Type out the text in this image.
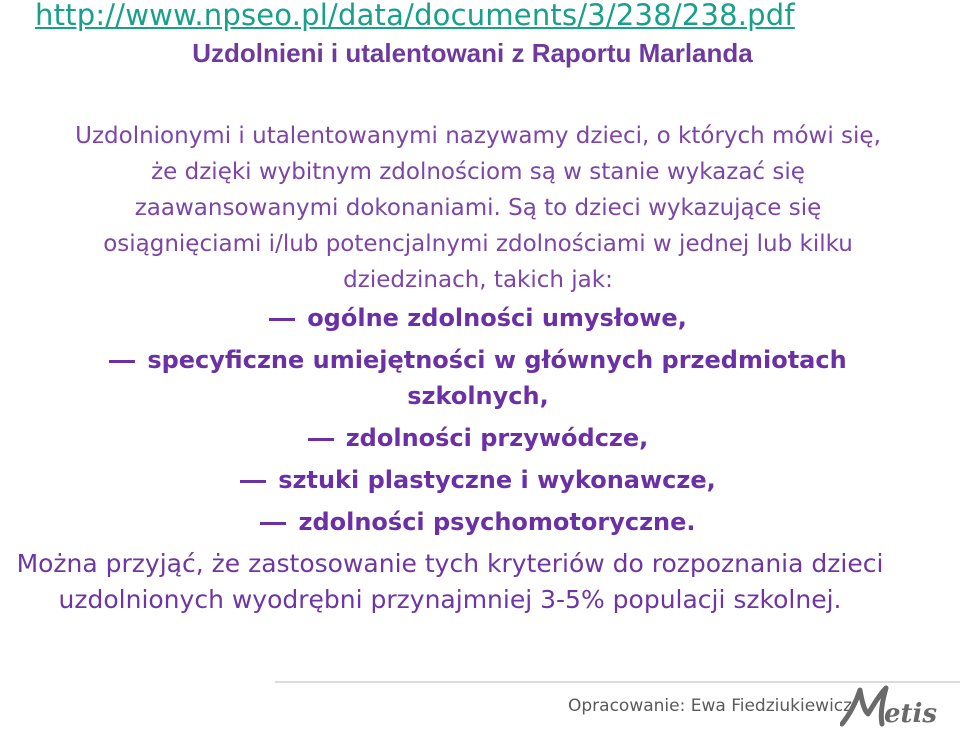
http://www.npseo.pl/data/documents/3/238/238.pdf
Uzdolnieni i utalentowani z Raportu Marlanda
Uzdolnionymi i utalentowanymi nazywamy dzieci, o których mówi się,
że dzięki wybitnym zdolnościom są w stanie wykazać się
zaawansowanymi dokonaniami. Są to dzieci wykazujące się
osiągnięciami i/lub potencjalnymi zdolnościami w jednej lub kilku
dziedzinach, takich jak:
ogólne zdolności umysłowe,
specyficzne umiejętności w głównych przedmiotach
szkolnych,
zdolności przywódcze,
sztuki plastyczne i wykonawcze,
zdolności psychomotoryczne.
Można przyjąć, że zastosowanie tych kryteriów do rozpoznania dzieci
uzdolnionych wyodrębni przynajmniej 3-5% populacji szkolnej.
Opracowanie: Ewa Fiedziukiewicz etis
